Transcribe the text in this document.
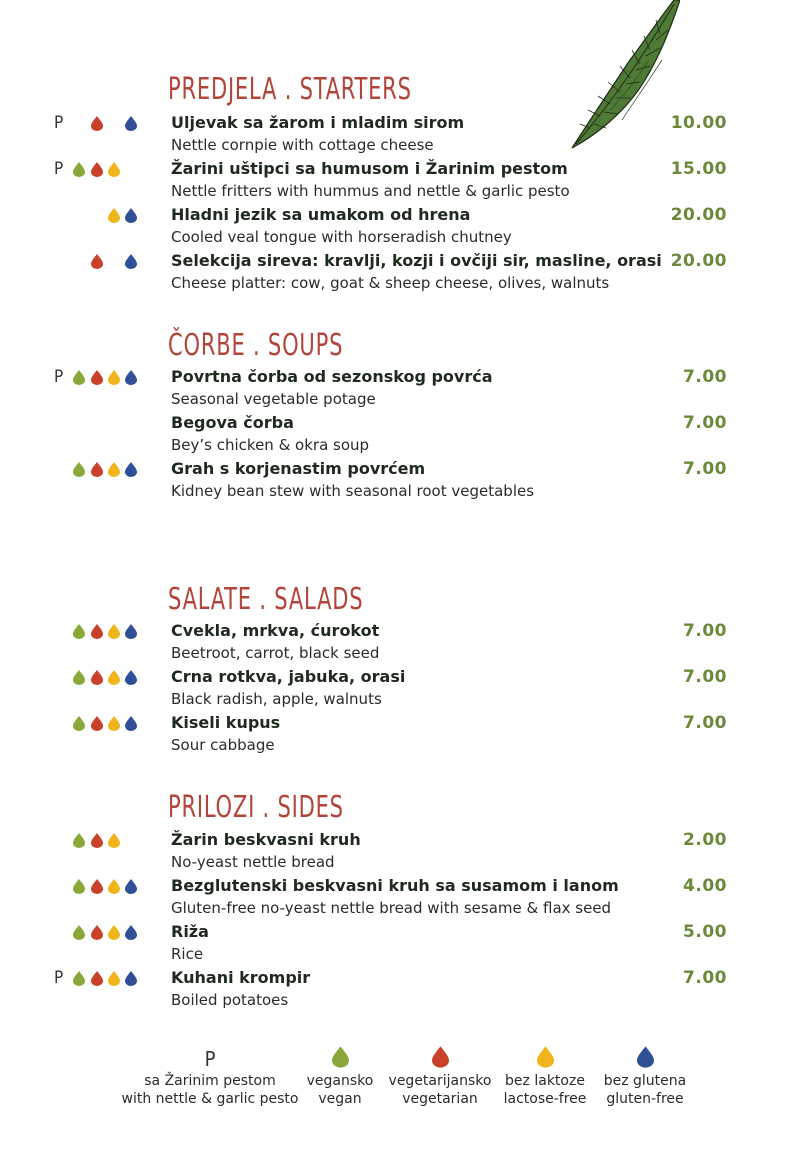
PREDJELA . STARTERS
P	Uljevak sa žarom i mladim sirom
Nettle cornpie with cottage cheese
10.00
P	Žarini uštipci sa humusom i Žarinim pestom
Nettle fritters with hummus and nettle & garlic pesto
15.00
Hladni jezik sa umakom od hrena
Cooled veal tongue with horseradish chutney
20.00
Selekcija sireva: kravlji, kozji i ovčiji sir, masline, orasi
Cheese platter: cow, goat & sheep cheese, olives, walnuts
20.00
ČORBE . SOUPS
P	Povrtna čorba od sezonskog povrća
Seasonal vegetable potage
7.00
Begova čorba
Bey’s chicken & okra soup
7.00
Grah s korjenastim povrćem
Kidney bean stew with seasonal root vegetables
7.00
SALATE . SALADS
Cvekla, mrkva, ćurokot
Beetroot, carrot, black seed
7.00
Crna rotkva, jabuka, orasi
Black radish, apple, walnuts
7.00
Kiseli kupus
Sour cabbage
7.00
PRILOZI . SIDES
Žarin beskvasni kruh
No-yeast nettle bread
2.00
Bezglutenski beskvasni kruh sa susamom i lanom
Gluten-free no-yeast nettle bread with sesame & flax seed
4.00
Riža
Rice
5.00
P	Kuhani krompir
Boiled potatoes
7.00
P
sa Žarinim pestom
with nettle & garlic pesto
vegansko
vegan
vegetarijansko
vegetarian
bez laktoze
lactose-free
bez glutena
gluten-free
